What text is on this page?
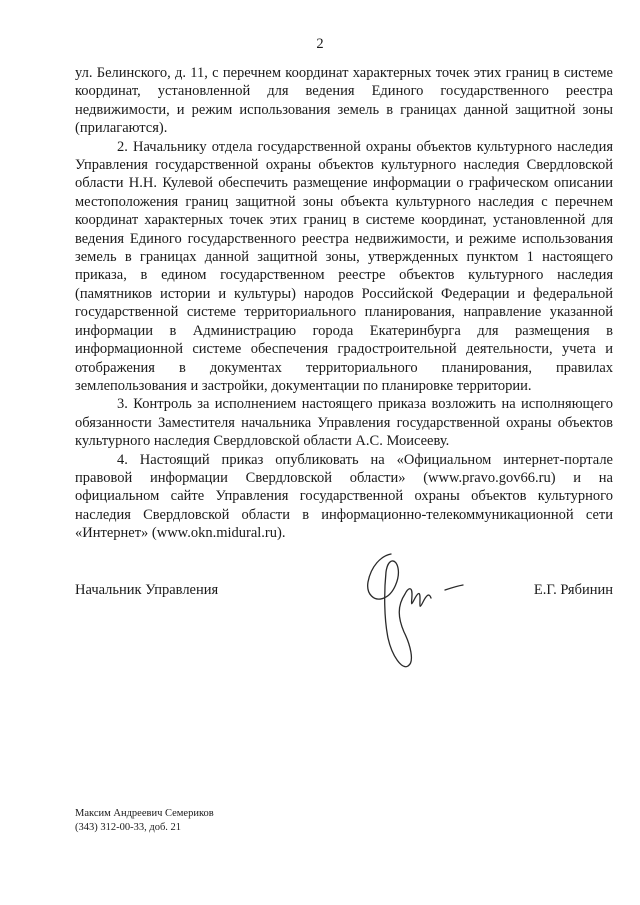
2

ул. Белинского, д. 11, с перечнем координат характерных точек этих границ в системе координат, установленной для ведения Единого государственного реестра недвижимости, и режим использования земель в границах данной защитной зоны (прилагаются).

2. Начальнику отдела государственной охраны объектов культурного наследия Управления государственной охраны объектов культурного наследия Свердловской области Н.Н. Кулевой обеспечить размещение информации о графическом описании местоположения границ защитной зоны объекта культурного наследия с перечнем координат характерных точек этих границ в системе координат, установленной для ведения Единого государственного реестра недвижимости, и режиме использования земель в границах данной защитной зоны, утвержденных пунктом 1 настоящего приказа, в едином государственном реестре объектов культурного наследия (памятников истории и культуры) народов Российской Федерации и федеральной государственной системе территориального планирования, направление указанной информации в Администрацию города Екатеринбурга для размещения в информационной системе обеспечения градостроительной деятельности, учета и отображения в документах территориального планирования, правилах землепользования и застройки, документации по планировке территории.

3. Контроль за исполнением настоящего приказа возложить на исполняющего обязанности Заместителя начальника Управления государственной охраны объектов культурного наследия Свердловской области А.С. Моисееву.

4. Настоящий приказ опубликовать на «Официальном интернет-портале правовой информации Свердловской области» (www.pravo.gov66.ru) и на официальном сайте Управления государственной охраны объектов культурного наследия Свердловской области в информационно-телекоммуникационной сети «Интернет» (www.okn.midural.ru).

Начальник Управления	Е.Г. Рябинин
Максим Андреевич Семериков
(343) 312-00-33, доб. 21
